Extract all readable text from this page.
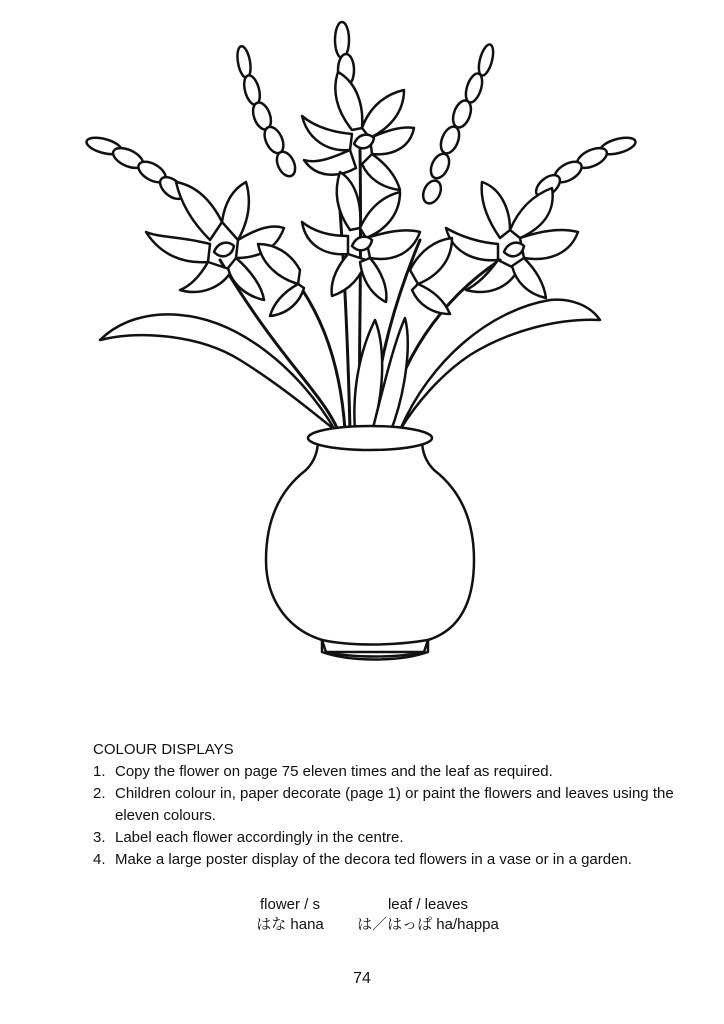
COLOUR DISPLAYS
1. Copy the flower on page 75 eleven times and the leaf as required.
2. Children colour in, paper decorate (page 1) or paint the flowers and leaves using the eleven colours.
3. Label each flower accordingly in the centre.
4. Make a large poster display of the decora ted flowers in a vase or in a garden.
flower / s
はな hana
leaf / leaves
は／はっぱ ha/happa
74
